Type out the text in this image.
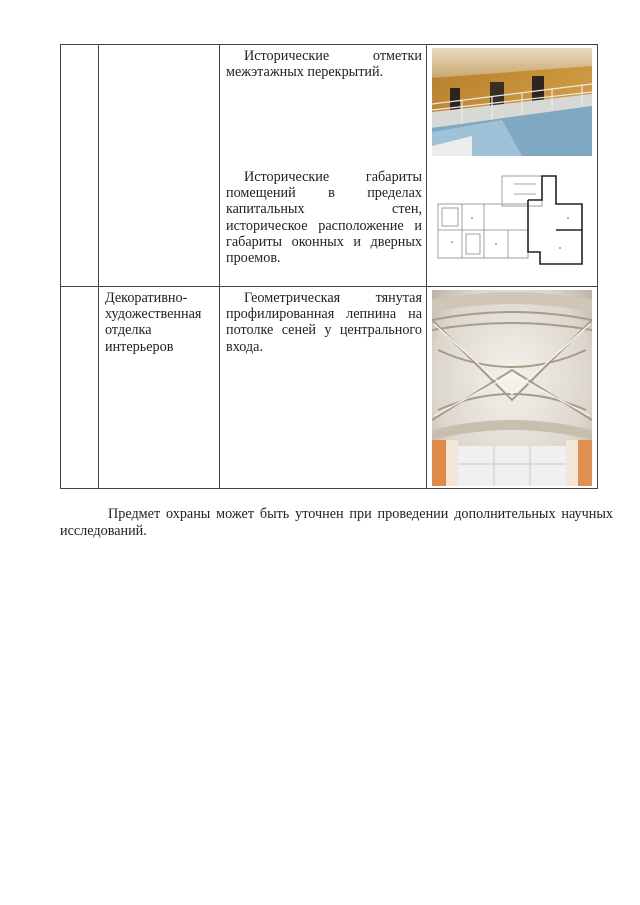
		Исторические отметки межэтажных перекрытий.

Исторические габариты помещений в пределах капитальных стен, историческое расположение и габариты оконных и дверных проемов.

	Декоративно-художественная отделка интерьеров	Геометрическая тянутая профилированная лепнина на потолке сеней у центрального входа.

Предмет охраны может быть уточнен при проведении дополнительных научных исследований.
